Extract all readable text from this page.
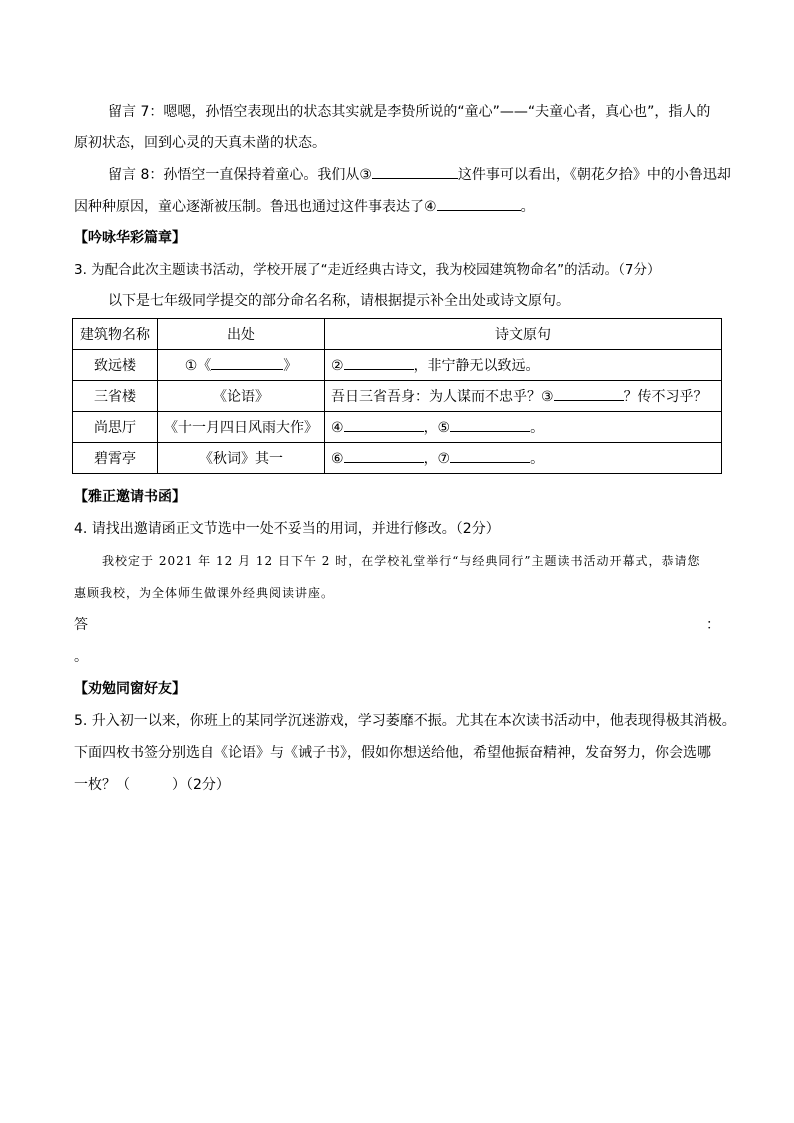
留言 7：嗯嗯，孙悟空表现出的状态其实就是李贽所说的“童心”——“夫童心者，真心也”，指人的
原初状态，回到心灵的天真未凿的状态。
留言 8：孙悟空一直保持着童心。我们从③	这件事可以看出，《朝花夕拾》中的小鲁迅却
因种种原因，童心逐渐被压制。鲁迅也通过这件事表达了④	。
【吟咏华彩篇章】
3. 为配合此次主题读书活动，学校开展了“走近经典古诗文，我为校园建筑物命名”的活动。（7分）
以下是七年级同学提交的部分命名名称，请根据提示补全出处或诗文原句。
建筑物名称	出处	诗文原句
致远楼	①《 》	② ，非宁静无以致远。
三省楼	《论语》	吾日三省吾身：为人谋而不忠乎？③ ？传不习乎？
尚思厅	《十一月四日风雨大作》	④ ，⑤ 。
碧霄亭	《秋词》其一	⑥ ，⑦ 。
【雅正邀请书函】
4. 请找出邀请函正文节选中一处不妥当的用词，并进行修改。（2分）
我校定于 2021 年 12 月 12 日下午 2 时，在学校礼堂举行“与经典同行”主题读书活动开幕式，恭请您
惠顾我校，为全体师生做课外经典阅读讲座。
答	：
。
【劝勉同窗好友】
5. 升入初一以来，你班上的某同学沉迷游戏，学习萎靡不振。尤其在本次读书活动中，他表现得极其消极。
下面四枚书签分别选自《论语》与《诫子书》，假如你想送给他，希望他振奋精神，发奋努力，你会选哪
一枚？（　　　）（2分）
